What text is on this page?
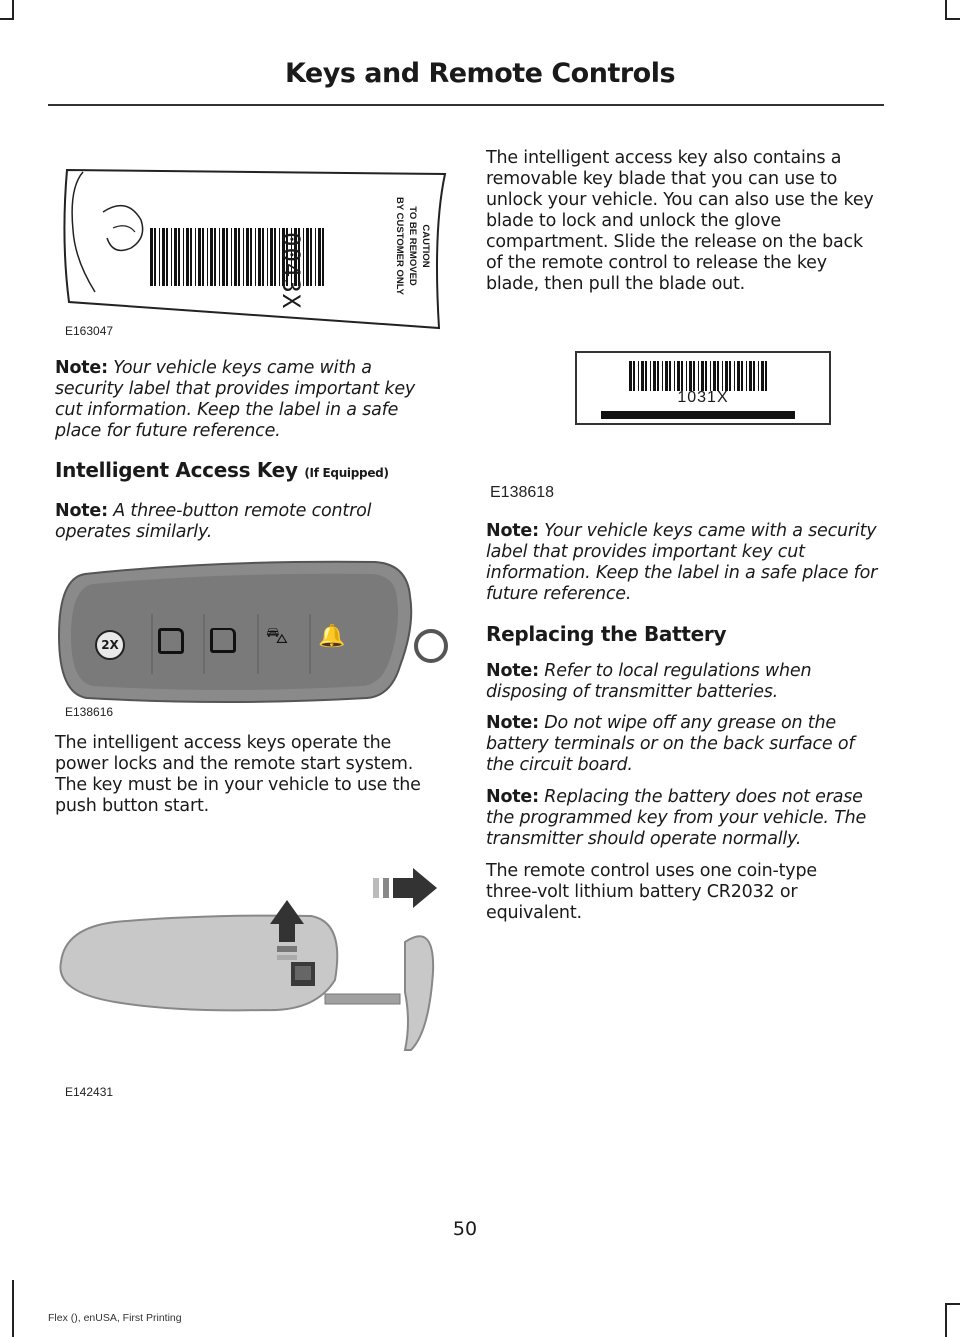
Keys and Remote Controls
0043X	CAUTION
TO BE REMOVED
BY CUSTOMER ONLY
E163047

Note: Your vehicle keys came with a security label that provides important key cut information. Keep the label in a safe place for future reference.

Intelligent Access Key (If Equipped)

Note: A three-button remote control operates similarly.

2X	⛍ 🔔
E138616

The intelligent access keys operate the power locks and the remote start system. The key must be in your vehicle to use the push button start.

E142431

The intelligent access key also contains a removable key blade that you can use to unlock your vehicle. You can also use the key blade to lock and unlock the glove compartment. Slide the release on the back of the remote control to release the key blade, then pull the blade out.

1031X
E138618

Note: Your vehicle keys came with a security label that provides important key cut information. Keep the label in a safe place for future reference.

Replacing the Battery

Note: Refer to local regulations when disposing of transmitter batteries.

Note: Do not wipe off any grease on the battery terminals or on the back surface of the circuit board.

Note: Replacing the battery does not erase the programmed key from your vehicle. The transmitter should operate normally.

The remote control uses one coin-type three-volt lithium battery CR2032 or equivalent.

50
Flex (), enUSA, First Printing
